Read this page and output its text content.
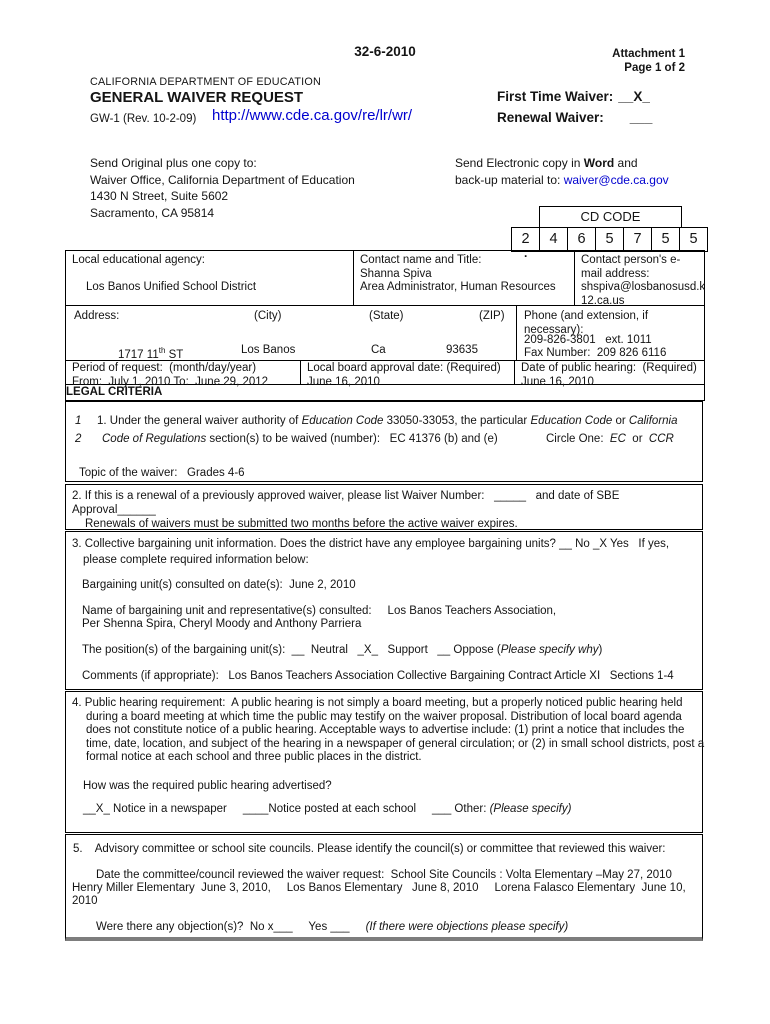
32-6-2010	Attachment 1
Page 1 of 2
CALIFORNIA DEPARTMENT OF EDUCATION
GENERAL WAIVER REQUEST
GW-1 (Rev. 10-2-09) http://www.cde.ca.gov/re/lr/wr/
First Time Waiver: __X_
Renewal Waiver: ___
Send Original plus one copy to:
Waiver Office, California Department of Education
1430 N Street, Suite 5602
Sacramento, CA 95814
Send Electronic copy in Word and
back-up material to: waiver@cde.ca.gov
CD CODE
2	4	6	5	7	5	5
.
Local educational agency:
Los Banos Unified School District
Contact name and Title:
Shanna Spiva
Area Administrator, Human Resources
Contact person's e-mail address:
shspiva@losbanosusd.k
12.ca.us
Address:	(City)	(State)	(ZIP)
1717 11th ST	Los Banos	Ca	93635
Phone (and extension, if necessary):
209-826-3801   ext. 1011
Fax Number:  209 826 6116
Period of request:  (month/day/year)
From:  July 1, 2010 To:  June 29, 2012
Local board approval date: (Required)
June 16, 2010
Date of public hearing:  (Required)
June 16, 2010
LEGAL CRITERIA
1
2
1. Under the general waiver authority of Education Code 33050-33053, the particular Education Code or California
Code of Regulations section(s) to be waived (number):   EC 41376 (b) and (e)	Circle One:  EC  or  CCR
Topic of the waiver:   Grades 4-6
2. If this is a renewal of a previously approved waiver, please list Waiver Number:   _____   and date of SBE Approval______
Renewals of waivers must be submitted two months before the active waiver expires.
3. Collective bargaining unit information. Does the district have any employee bargaining units? __ No _X Yes   If yes,
please complete required information below:
Bargaining unit(s) consulted on date(s):  June 2, 2010
Name of bargaining unit and representative(s) consulted:     Los Banos Teachers Association,
Per Shenna Spira, Cheryl Moody and Anthony Parriera
The position(s) of the bargaining unit(s):  __  Neutral   _X_   Support   __ Oppose (Please specify why)
Comments (if appropriate):   Los Banos Teachers Association Collective Bargaining Contract Article XI   Sections 1-4
4. Public hearing requirement:  A public hearing is not simply a board meeting, but a properly noticed public hearing held during a board meeting at which time the public may testify on the waiver proposal. Distribution of local board agenda does not constitute notice of a public hearing. Acceptable ways to advertise include: (1) print a notice that includes the time, date, location, and subject of the hearing in a newspaper of general circulation; or (2) in small school districts, post a formal notice at each school and three public places in the district.
How was the required public hearing advertised?
__X_ Notice in a newspaper     ____Notice posted at each school     ___ Other: (Please specify)
5.    Advisory committee or school site councils. Please identify the council(s) or committee that reviewed this waiver:
Date the committee/council reviewed the waiver request:  School Site Councils : Volta Elementary –May 27, 2010
Henry Miller Elementary  June 3, 2010,     Los Banos Elementary   June 8, 2010     Lorena Falasco Elementary  June 10,
2010
Were there any objection(s)?  No x___     Yes ___     (If there were objections please specify)
